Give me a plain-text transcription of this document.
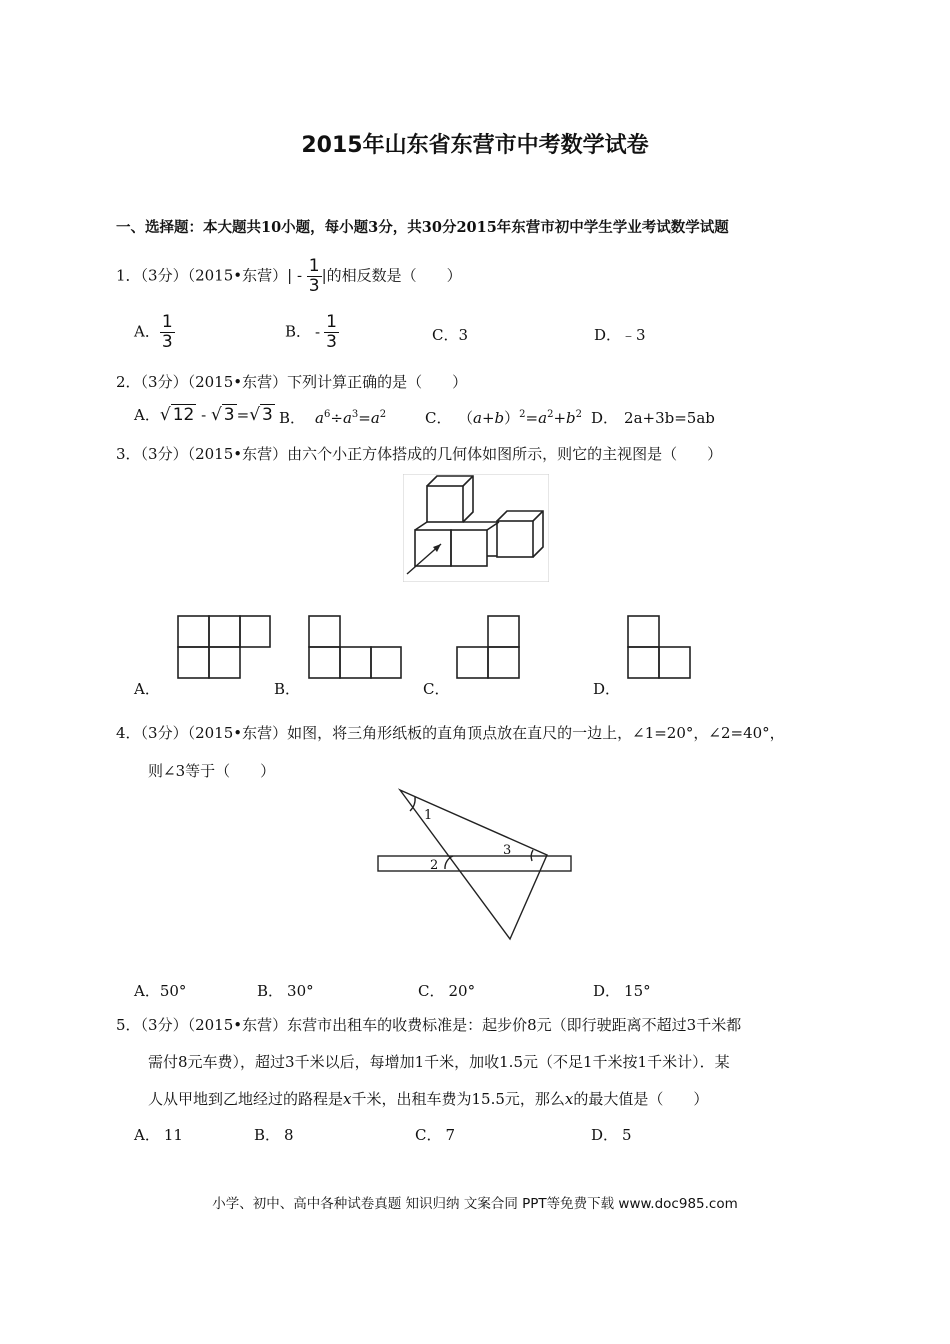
2015年山东省东营市中考数学试卷
一、选择题：本大题共10小题，每小题3分，共30分2015年东营市初中学生学业考试数学试题
1．（3分）（2015•东营）| - $\frac{1}{3}$ |的相反数是（　　）
A． $\frac{1}{3}$	B． - $\frac{1}{3}$	C．3	D．﹣3
2．（3分）（2015•东营）下列计算正确的是（　　）
A．√ 12 - √ 3 =√ 3 B． $a^6\div a^3=a^2$	C． $(a+b)^2=a^2+b^2$ D． 2a+3b=5ab
3．（3分）（2015•东营）由六个小正方体搭成的几何体如图所示，则它的主视图是（　　）
A．	B．	C．	D．
4．（3分）（2015•东营）如图，将三角形纸板的直角顶点放在直尺的一边上，∠1=20°，∠2=40°，
则∠3等于（　　）
1
2
3
A．50°	B． 30°	C． 20°	D． 15°
5．（3分）（2015•东营）东营市出租车的收费标准是：起步价8元（即行驶距离不超过3千米都
需付8元车费），超过3千米以后，每增加1千米，加收1.5元（不足1千米按1千米计）．某
人从甲地到乙地经过的路程是x千米，出租车费为15.5元，那么x的最大值是（　　）
A． 11	B． 8	C． 7	D． 5
小学、初中、高中各种试卷真题 知识归纳 文案合同 PPT等免费下载 www.doc985.com
